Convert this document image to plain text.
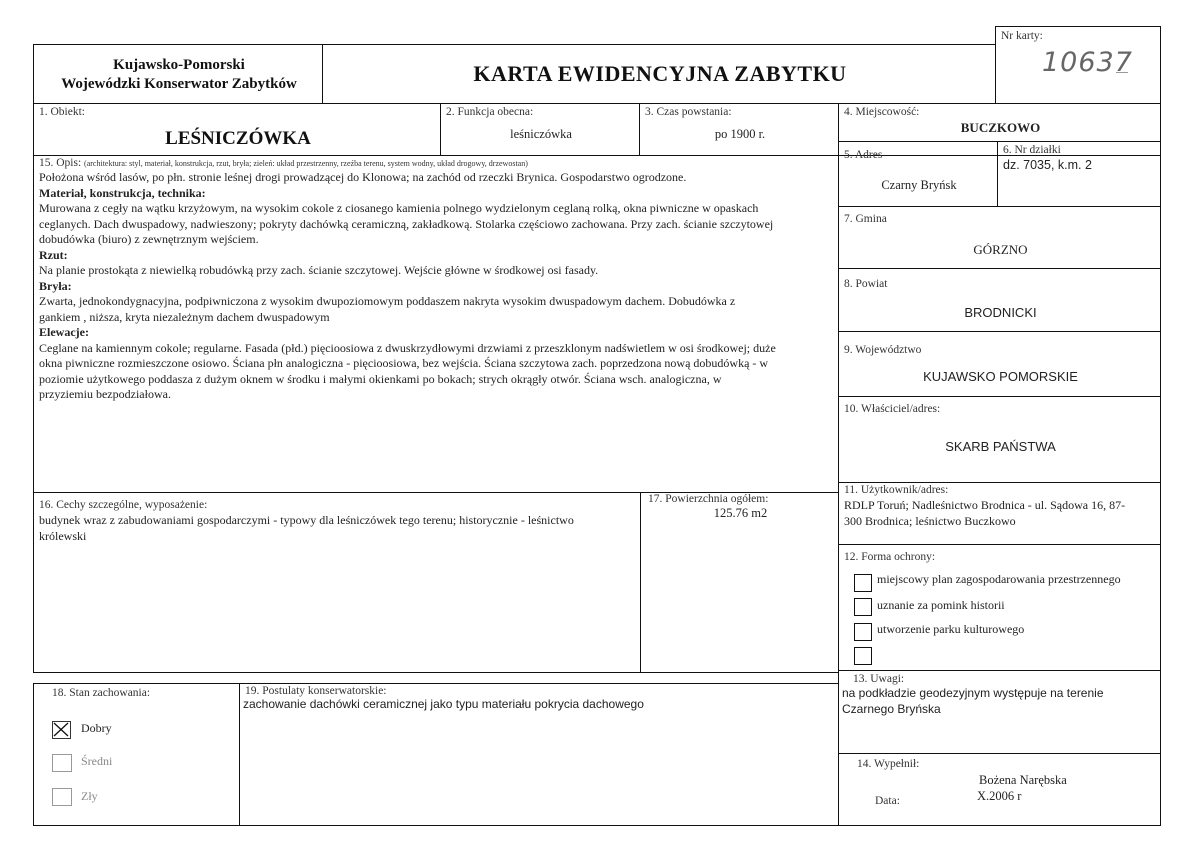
Kujawsko-Pomorski
Wojewódzki Konserwator Zabytków	KARTA EWIDENCYJNA ZABYTKU
Nr karty:
10637
1. Obiekt:
LEŚNICZÓWKA
2. Funkcja obecna:
leśniczówka
3. Czas powstania:
po 1900 r.
4. Miejscowość:
BUCZKOWO
15. Opis: (architektura: styl, materiał, konstrukcja, rzut, bryła; zieleń: układ przestrzenny, rzeźba terenu, system wodny, układ drogowy, drzewostan)
Położona wśród lasów, po płn. stronie leśnej drogi prowadzącej do Klonowa; na zachód od rzeczki Brynica. Gospodarstwo ogrodzone.
Materiał, konstrukcja, technika:
Murowana z cegły na wątku krzyżowym, na wysokim cokole z ciosanego kamienia polnego wydzielonym ceglaną rolką, okna piwniczne w opaskach
ceglanych. Dach dwuspadowy, nadwieszony; pokryty dachówką ceramiczną, zakładkową. Stolarka częściowo zachowana. Przy zach. ścianie szczytowej
dobudówka (biuro) z zewnętrznym wejściem.
Rzut:
Na planie prostokąta z niewielką robudówką przy zach. ścianie szczytowej. Wejście główne w środkowej osi fasady.
Bryła:
Zwarta, jednokondygnacyjna, podpiwniczona z wysokim dwupoziomowym poddaszem nakryta wysokim dwuspadowym dachem. Dobudówka z
gankiem , niższa, kryta niezależnym dachem dwuspadowym
Elewacje:
Ceglane na kamiennym cokole; regularne. Fasada (płd.) pięcioosiowa z dwuskrzydłowymi drzwiami z przeszklonym nadświetlem w osi środkowej; duże
okna piwniczne rozmieszczone osiowo. Ściana płn analogiczna - pięcioosiowa, bez wejścia. Ściana szczytowa zach. poprzedzona nową dobudówką - w
poziomie użytkowego poddasza z dużym oknem w środku i małymi okienkami po bokach; strych okrągły otwór. Ściana wsch. analogiczna, w
przyziemiu bezpodziałowa.
5. Adres
Czarny Bryńsk
6. Nr działki
dz. 7035, k.m. 2
7. Gmina
GÓRZNO
8. Powiat
BRODNICKI
9. Województwo
KUJAWSKO POMORSKIE
10. Właściciel/adres:
SKARB PAŃSTWA
11. Użytkownik/adres:
RDLP Toruń; Nadleśnictwo Brodnica - ul. Sądowa 16, 87-
300 Brodnica; leśnictwo Buczkowo
12. Forma ochrony:
miejscowy plan zagospodarowania przestrzennego
uznanie za pomink historii
utworzenie parku kulturowego
16. Cechy szczególne, wyposażenie:
budynek wraz z zabudowaniami gospodarczymi - typowy dla leśniczówek tego terenu; historycznie - leśnictwo
królewski
17. Powierzchnia ogółem:
125.76 m2
18. Stan zachowania:
Dobry
Średni
Zły
19. Postulaty konserwatorskie:
zachowanie dachówki ceramicznej jako typu materiału pokrycia dachowego
13. Uwagi:
na podkładzie geodezyjnym występuje na terenie
Czarnego Bryńska
14. Wypełnił:
Bożena Narębska
Data:	X.2006 r
